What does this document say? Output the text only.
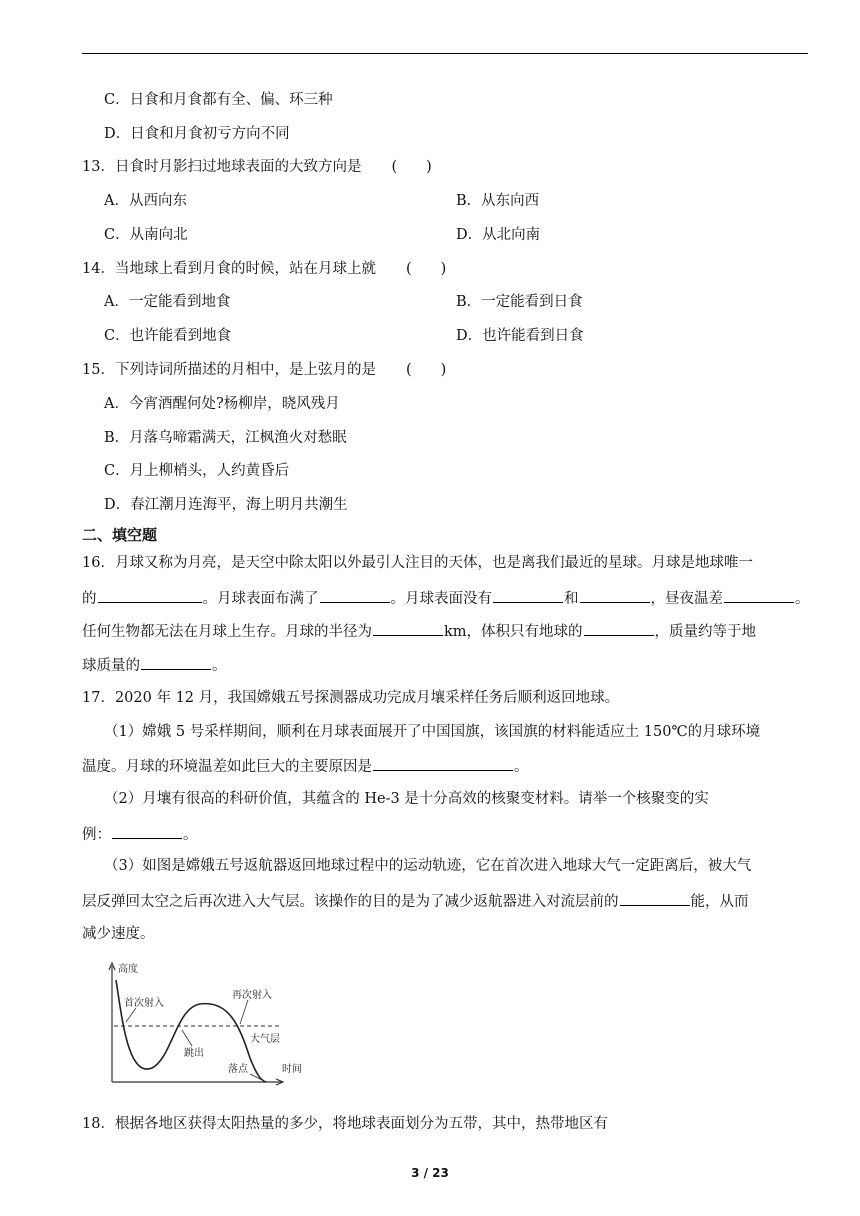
C．日食和月食都有全、偏、环三种
D．日食和月食初亏方向不同
13．日食时月影扫过地球表面的大致方向是 (　　)
A．从西向东	B．从东向西
C．从南向北	D．从北向南
14．当地球上看到月食的时候，站在月球上就 (　　)
A．一定能看到地食	B．一定能看到日食
C．也许能看到地食	D．也许能看到日食
15．下列诗词所描述的月相中，是上弦月的是 (　　)
A．今宵酒醒何处?杨柳岸，晓风残月
B．月落乌啼霜满天，江枫渔火对愁眠
C．月上柳梢头，人约黄昏后
D．春江潮月连海平，海上明月共潮生
二、填空题
16．月球又称为月亮，是天空中除太阳以外最引人注目的天体，也是离我们最近的星球。月球是地球唯一
的	。月球表面布满了	。月球表面没有	和	，昼夜温差	。
任何生物都无法在月球上生存。月球的半径为	km，体积只有地球的	，质量约等于地
球质量的	。
17．2020 年 12 月，我国嫦娥五号探测器成功完成月壤采样任务后顺利返回地球。
（1）嫦娥 5 号采样期间，顺利在月球表面展开了中国国旗，该国旗的材料能适应土 150℃的月球环境
温度。月球的环境温差如此巨大的主要原因是	。
（2）月壤有很高的科研价值，其蕴含的 He-3 是十分高效的核聚变材料。请举一个核聚变的实
例：	。
（3）如图是嫦娥五号返航器返回地球过程中的运动轨迹，它在首次进入地球大气一定距离后，被大气
层反弹回太空之后再次进入大气层。该操作的目的是为了减少返航器进入对流层前的	能，从而
减少速度。
高度
时间
首次射入
再次射入
跳出
大气层
落点
18．根据各地区获得太阳热量的多少，将地球表面划分为五带，其中，热带地区有
3 / 23
